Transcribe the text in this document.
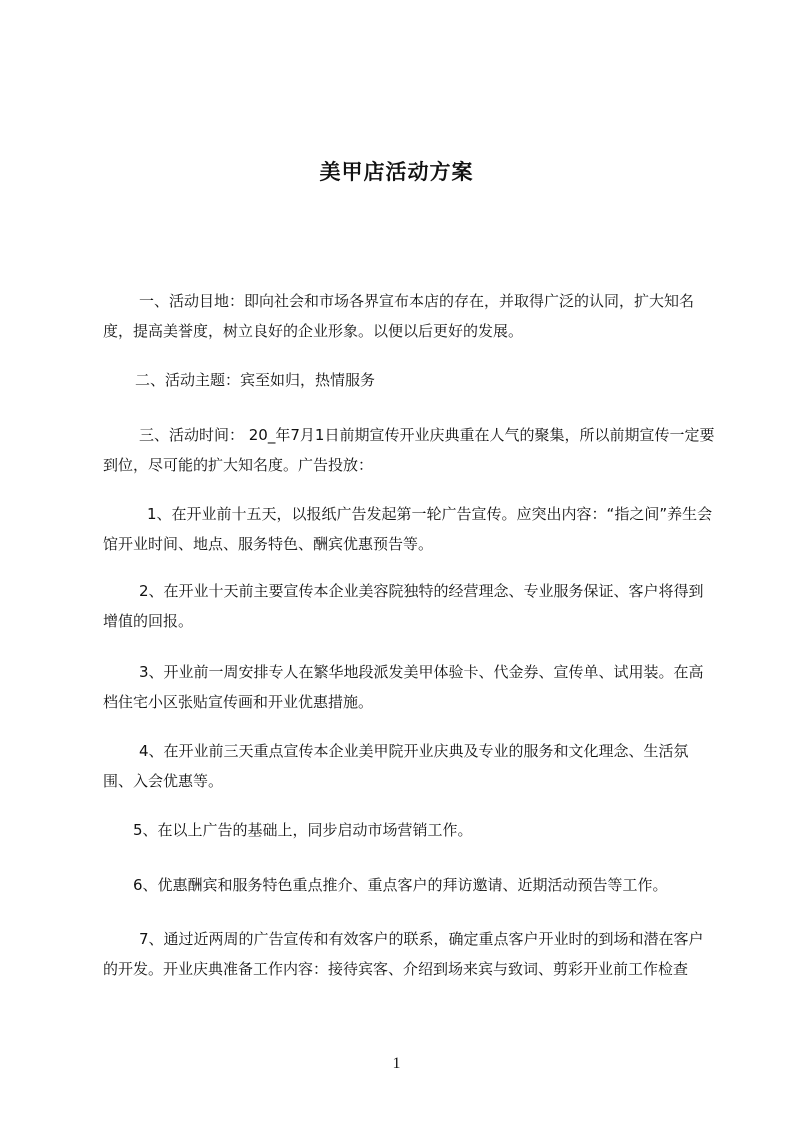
美甲店活动方案

一、活动目地：即向社会和市场各界宣布本店的存在，并取得广泛的认同，扩大知名度，提高美誉度，树立良好的企业形象。以便以后更好的发展。

二、活动主题：宾至如归，热情服务

三、活动时间： 20_年7月1日前期宣传开业庆典重在人气的聚集，所以前期宣传一定要到位，尽可能的扩大知名度。广告投放：

1、在开业前十五天，以报纸广告发起第一轮广告宣传。应突出内容：“指之间”养生会馆开业时间、地点、服务特色、酬宾优惠预告等。

2、在开业十天前主要宣传本企业美容院独特的经营理念、专业服务保证、客户将得到增值的回报。

3、开业前一周安排专人在繁华地段派发美甲体验卡、代金券、宣传单、试用装。在高档住宅小区张贴宣传画和开业优惠措施。

4、在开业前三天重点宣传本企业美甲院开业庆典及专业的服务和文化理念、生活氛围、入会优惠等。

5、在以上广告的基础上，同步启动市场营销工作。

6、优惠酬宾和服务特色重点推介、重点客户的拜访邀请、近期活动预告等工作。

7、通过近两周的广告宣传和有效客户的联系，确定重点客户开业时的到场和潜在客户的开发。开业庆典准备工作内容：接待宾客、介绍到场来宾与致词、剪彩开业前工作检查

1
